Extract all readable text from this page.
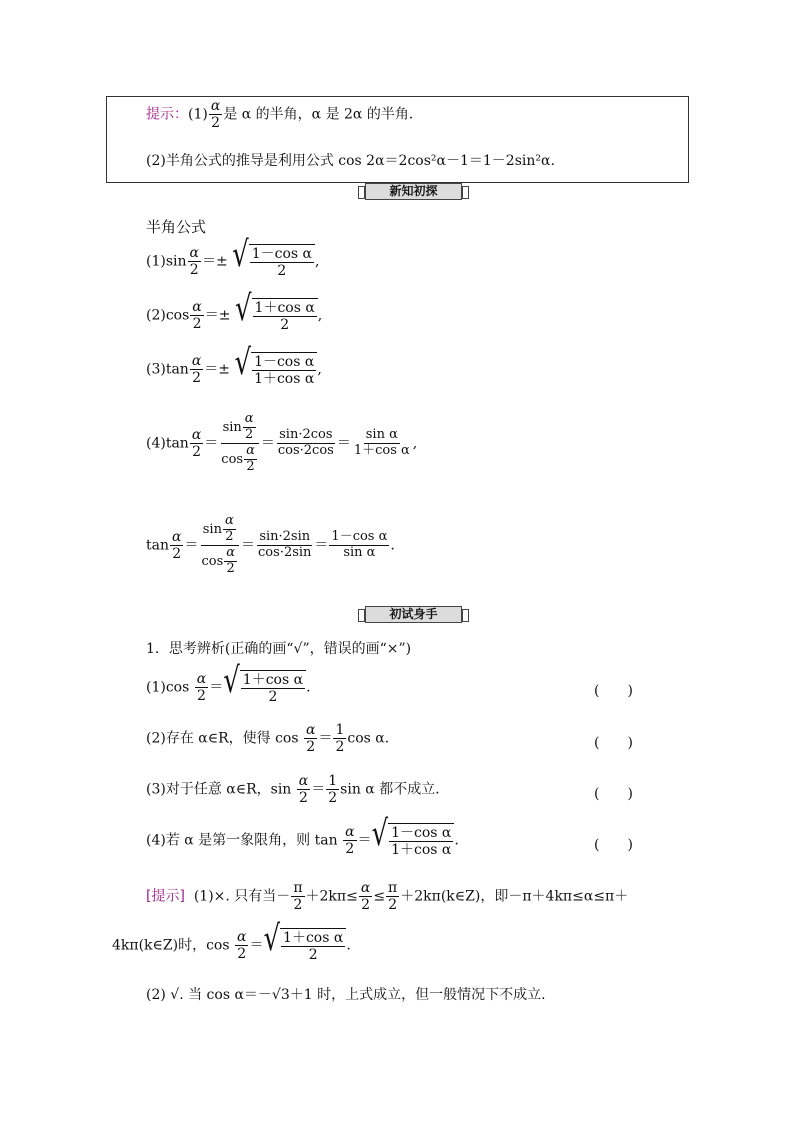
提示：$(1) \frac{\alpha}{2}$ 是 α 的半角，α 是 2α 的半角．
(2)半角公式的推导是利用公式 cos 2α＝2cos²α－1＝1－2sin²α.
新知初探
半角公式
$(1)\sin \frac{\alpha}{2}$ ＝± √ $\frac{\text{1－cos α}}{2}$ ,
$(2)\cos \frac{\alpha}{2}$ ＝± √ $\frac{\text{1＋cos α}}{2}$ ,
$(3)\tan \frac{\alpha}{2}$ ＝± √ $\frac{\text{1－cos α}}{\text{1＋cos α}}$ ,
$(4)\tan \frac{\alpha}{2} = \frac{\sin \frac{\alpha}{2}}{\cos \frac{\alpha}{2}} = \frac{\sin\cdot 2\cos}{\cos\cdot 2\cos} = \frac{\text{sin α}}{\text{1＋cos α}}$ ,
$\tan \frac{\alpha}{2} = \frac{\sin \frac{\alpha}{2}}{\cos \frac{\alpha}{2}} = \frac{\sin\cdot 2\sin}{\cos\cdot 2\sin} = \frac{\text{1－cos α}}{\text{sin α}}$ .
初试身手
1．思考辨析(正确的画“√”，错误的画“×”)
$(1)\cos \frac{\alpha}{2}$ ＝ √ $\frac{\text{1＋cos α}}{2}$ .	(　　)
(2)存在 α∈R，使得 $\cos \frac{\alpha}{2} = \frac{1}{2}$ cos α.	(　　)
(3)对于任意 α∈R，$\sin \frac{\alpha}{2} = \frac{1}{2}$ sin α 都不成立．	(　　)
(4)若 α 是第一象限角，则 $\tan \frac{\alpha}{2}$ ＝ √ $\frac{\text{1－cos α}}{\text{1＋cos α}}$ .	(　　)
[提示] (1)×. 只有当－ $\frac{\pi}{2} +2k\pi\le \frac{\alpha}{2} \le \frac{\pi}{2}$ ＋2kπ(k∈Z)，即－π＋4kπ≤α≤π＋
4kπ(k∈Z)时，$\cos \frac{\alpha}{2}$ ＝ √ $\frac{\text{1＋cos α}}{2}$ .
(2) √. 当 cos α＝－√3＋1 时，上式成立，但一般情况下不成立.
